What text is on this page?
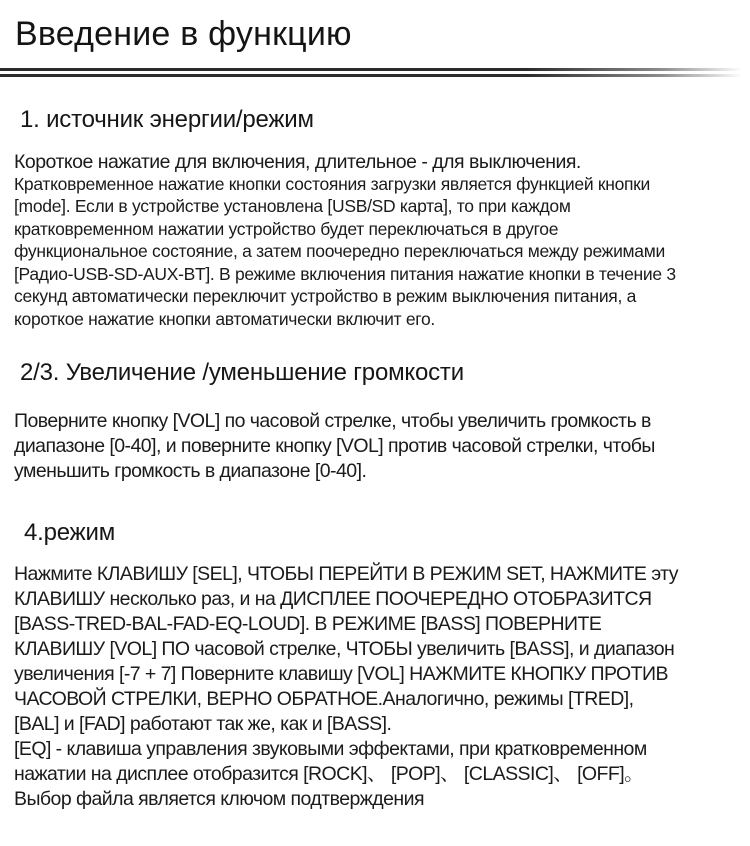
Введение в функцию
1. источник энергии/режим
Короткое нажатие для включения, длительное - для выключения.
Кратковременное нажатие кнопки состояния загрузки является функцией кнопки
[mode]. Если в устройстве установлена [USB/SD карта], то при каждом
кратковременном нажатии устройство будет переключаться в другое
функциональное состояние, а затем поочередно переключаться между режимами
[Радио-USB-SD-AUX-BT]. В режиме включения питания нажатие кнопки в течение 3
секунд автоматически переключит устройство в режим выключения питания, а
короткое нажатие кнопки автоматически включит его.
2/3. Увеличение /уменьшение громкости
Поверните кнопку [VOL] по часовой стрелке, чтобы увеличить громкость в
диапазоне [0-40], и поверните кнопку [VOL] против часовой стрелки, чтобы
уменьшить громкость в диапазоне [0-40].
4.режим
Нажмите КЛАВИШУ [SEL], ЧТОБЫ ПЕРЕЙТИ В РЕЖИМ SET, НАЖМИТЕ эту
КЛАВИШУ несколько раз, и на ДИСПЛЕЕ ПООЧЕРЕДНО ОТОБРАЗИТСЯ
[BASS-TRED-BAL-FAD-EQ-LOUD]. В РЕЖИМЕ [BASS] ПОВЕРНИТЕ
КЛАВИШУ [VOL] ПО часовой стрелке, ЧТОБЫ увеличить [BASS], и диапазон
увеличения [-7 + 7] Поверните клавишу [VOL] НАЖМИТЕ КНОПКУ ПРОТИВ
ЧАСОВОЙ СТРЕЛКИ, ВЕРНО ОБРАТНОЕ.Аналогично, режимы [TRED],
[BAL] и [FAD] работают так же, как и [BASS].
[EQ] - клавиша управления звуковыми эффектами, при кратковременном
нажатии на дисплее отобразится [ROCK]、 [POP]、 [CLASSIC]、 [OFF]。
Выбор файла является ключом подтверждения
